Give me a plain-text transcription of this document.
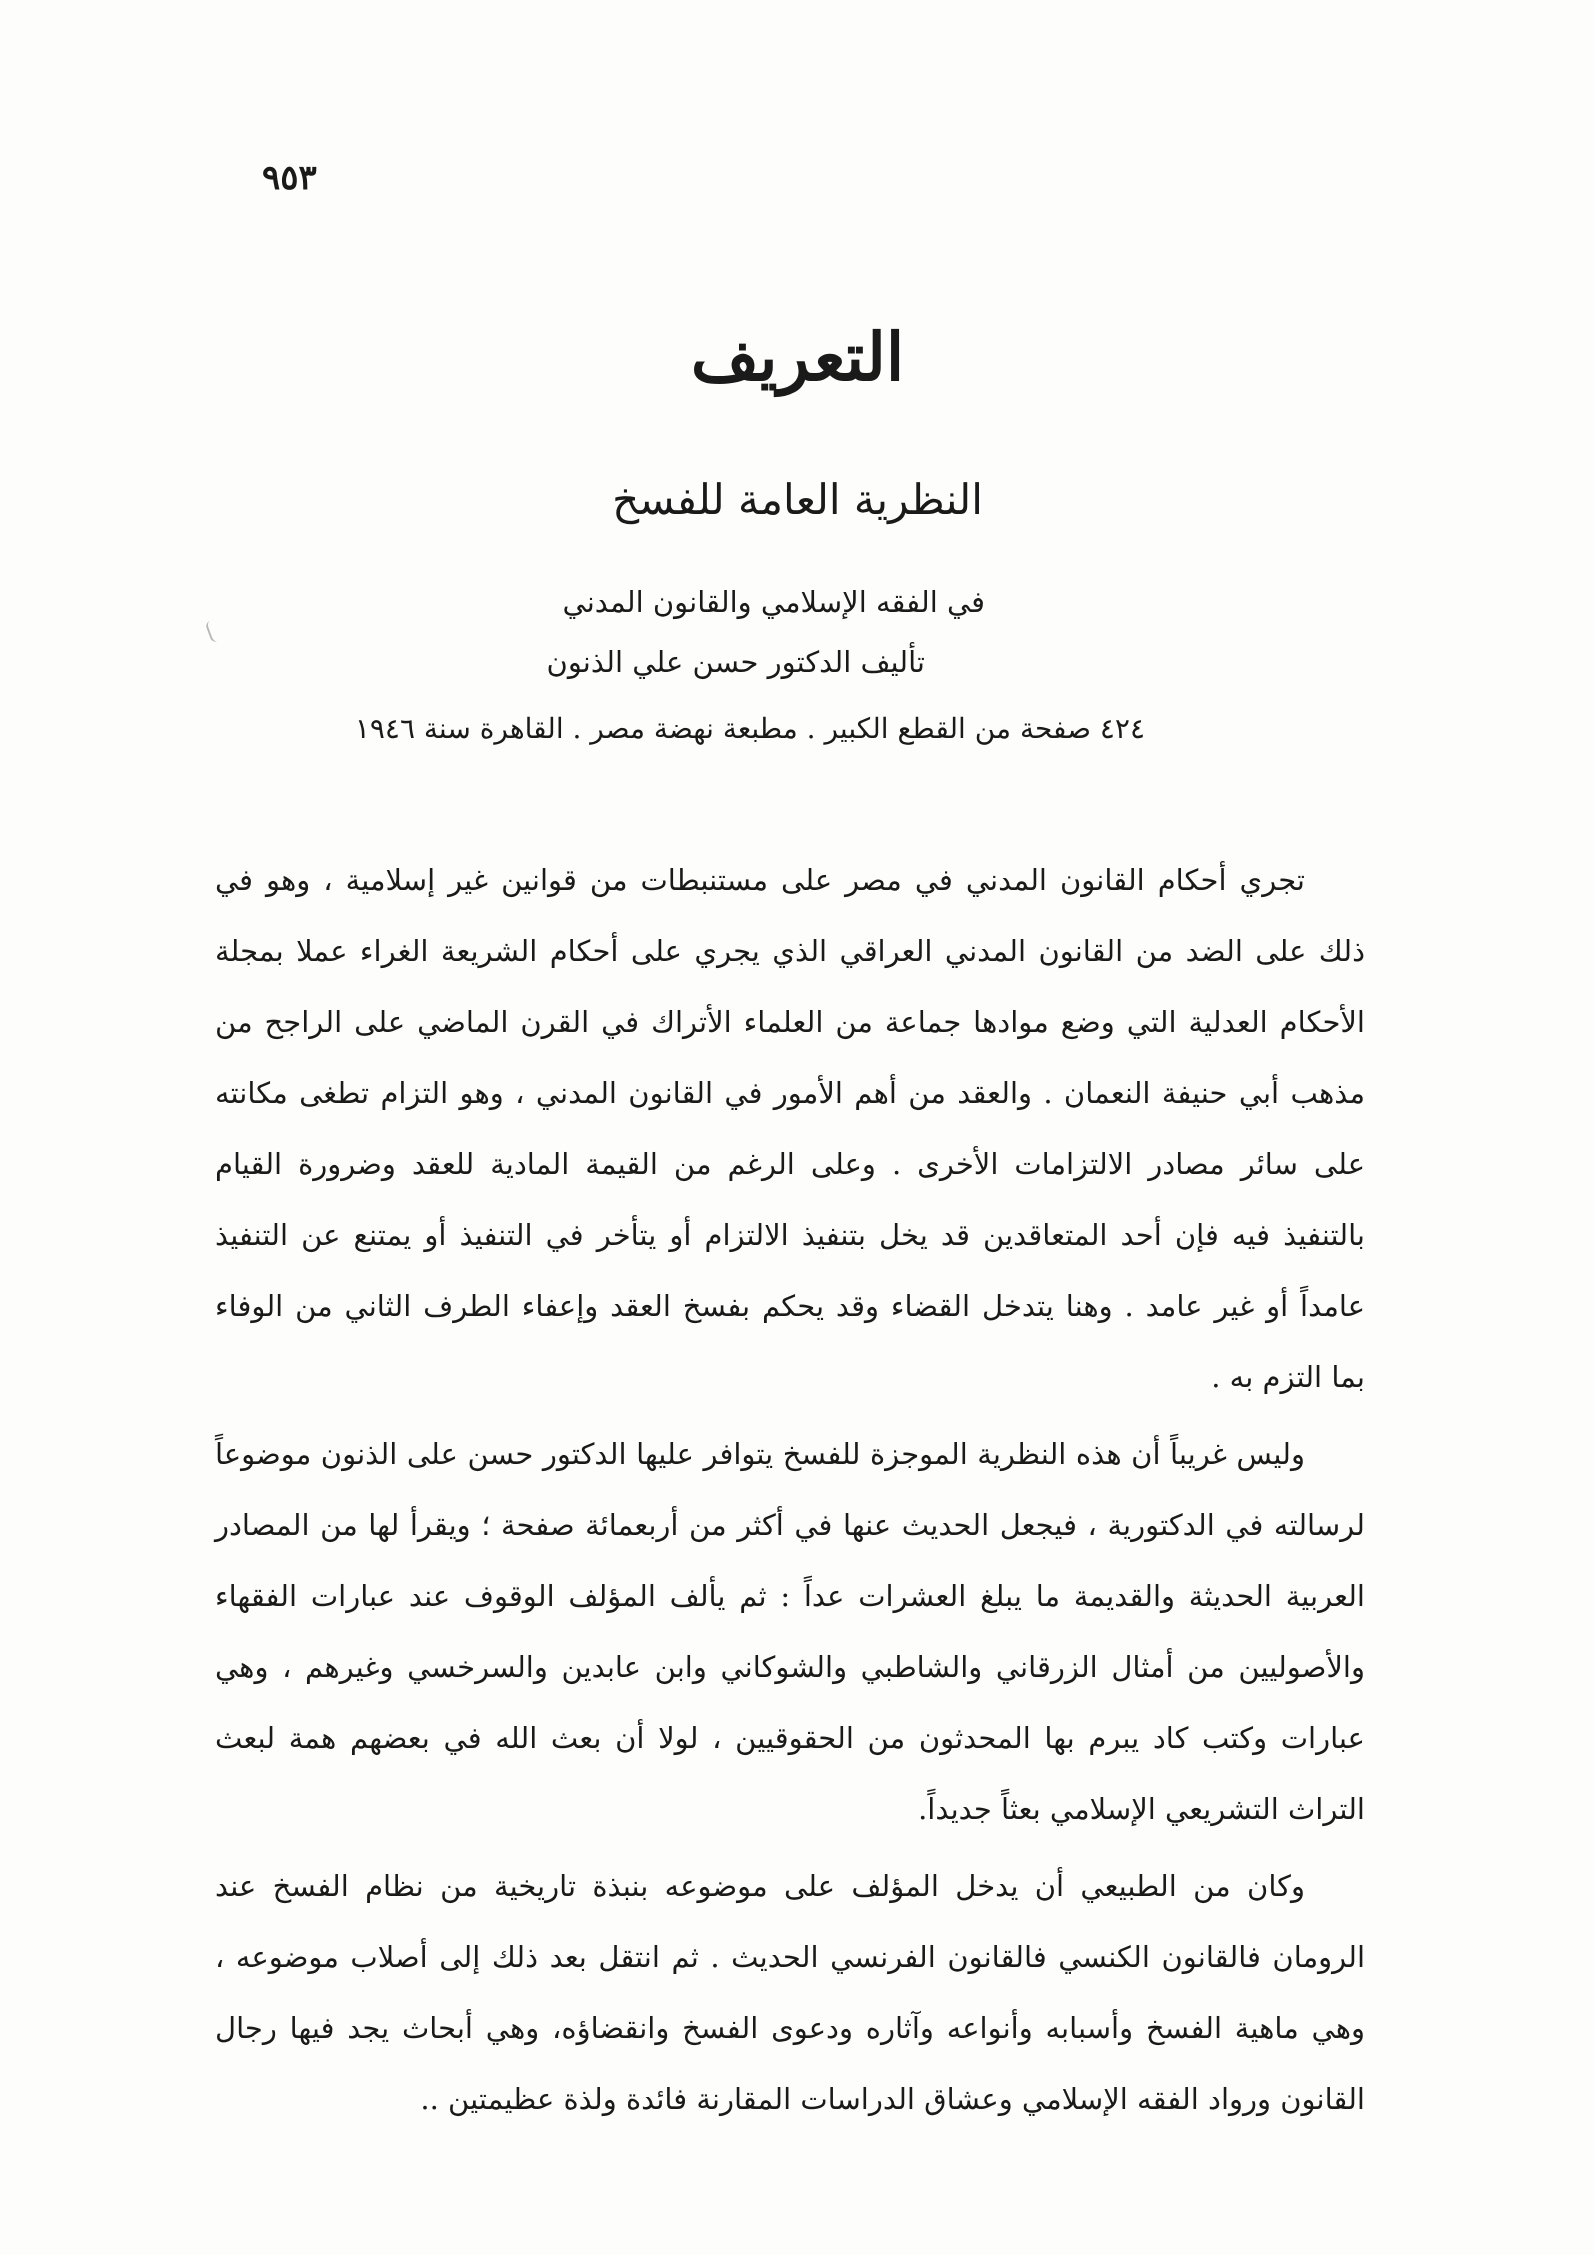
٩٥٣
التعريف
النظرية العامة للفسخ
في الفقه الإسلامي والقانون المدني
تأليف الدكتور حسن علي الذنون
٤٢٤ صفحة من القطع الكبير . مطبعة نهضة مصر . القاهرة سنة ١٩٤٦

تجري أحكام القانون المدني في مصر على مستنبطات من قوانين غير إسلامية ، وهو في ذلك على الضد من القانون المدني العراقي الذي يجري على أحكام الشريعة الغراء عملا بمجلة الأحكام العدلية التي وضع موادها جماعة من العلماء الأتراك في القرن الماضي على الراجح من مذهب أبي حنيفة النعمان . والعقد من أهم الأمور في القانون المدني ، وهو التزام تطغى مكانته على سائر مصادر الالتزامات الأخرى . وعلى الرغم من القيمة المادية للعقد وضرورة القيام بالتنفيذ فيه فإن أحد المتعاقدين قد يخل بتنفيذ الالتزام أو يتأخر في التنفيذ أو يمتنع عن التنفيذ عامداً أو غير عامد . وهنا يتدخل القضاء وقد يحكم بفسخ العقد وإعفاء الطرف الثاني من الوفاء بما التزم به .

وليس غريباً أن هذه النظرية الموجزة للفسخ يتوافر عليها الدكتور حسن على الذنون موضوعاً لرسالته في الدكتورية ، فيجعل الحديث عنها في أكثر من أربعمائة صفحة ؛ ويقرأ لها من المصادر العربية الحديثة والقديمة ما يبلغ العشرات عداً : ثم يألف المؤلف الوقوف عند عبارات الفقهاء والأصوليين من أمثال الزرقاني والشاطبي والشوكاني وابن عابدين والسرخسي وغيرهم ، وهي عبارات وكتب كاد يبرم بها المحدثون من الحقوقيين ، لولا أن بعث الله في بعضهم همة لبعث التراث التشريعي الإسلامي بعثاً جديداً.

وكان من الطبيعي أن يدخل المؤلف على موضوعه بنبذة تاريخية من نظام الفسخ عند الرومان فالقانون الكنسي فالقانون الفرنسي الحديث . ثم انتقل بعد ذلك إلى أصلاب موضوعه ، وهي ماهية الفسخ وأسبابه وأنواعه وآثاره ودعوى الفسخ وانقضاؤه، وهي أبحاث يجد فيها رجال القانون ورواد الفقه الإسلامي وعشاق الدراسات المقارنة فائدة ولذة عظيمتين ..
